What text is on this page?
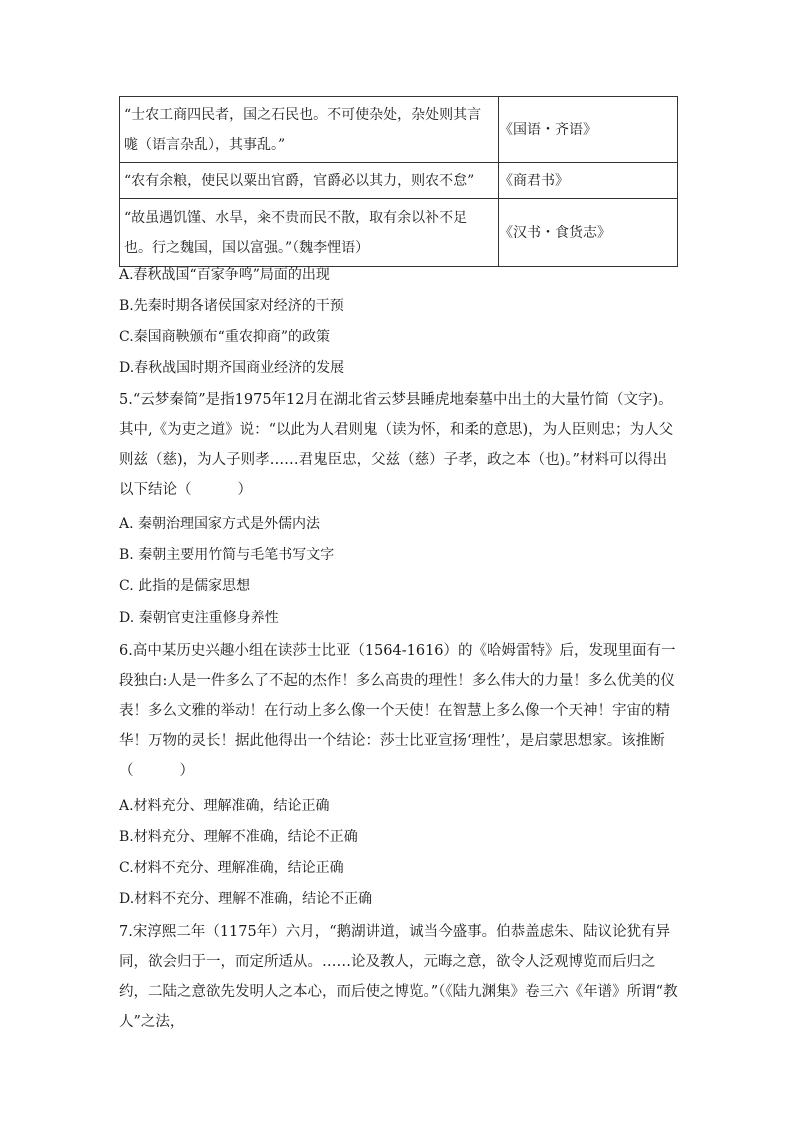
“士农工商四民者，国之石民也。不可使杂处，杂处则其言哤（语言杂乱），其事乱。”	《国语・齐语》
“农有余粮，使民以粟出官爵，官爵必以其力，则农不怠”	《商君书》
“故虽遇饥馑、水旱，籴不贵而民不散，取有余以补不足也。行之魏国，国以富强。”（魏李悝语）	《汉书・食货志》
A.春秋战国“百家争鸣”局面的出现
B.先秦时期各诸侯国家对经济的干预
C.秦国商鞅颁布“重农抑商”的政策
D.春秋战国时期齐国商业经济的发展

5.“云梦秦简”是指1975年12月在湖北省云梦县睡虎地秦墓中出土的大量竹简（文字)。其中,《为吏之道》说：“以此为人君则鬼（读为怀，和柔的意思)，为人臣则忠；为人父则兹（慈)，为人子则孝……君鬼臣忠，父兹（慈）子孝，政之本（也)。”材料可以得出以下结论（	）

A. 秦朝治理国家方式是外儒内法
B. 秦朝主要用竹简与毛笔书写文字
C. 此指的是儒家思想
D. 秦朝官吏注重修身养性

6.高中某历史兴趣小组在读莎士比亚（1564-1616）的《哈姆雷特》后，发现里面有一段独白:人是一件多么了不起的杰作！多么高贵的理性！多么伟大的力量！多么优美的仪表！多么文雅的举动！在行动上多么像一个天使！在智慧上多么像一个天神！宇宙的精华！万物的灵长！据此他得出一个结论：莎士比亚宣扬‘理性’，是启蒙思想家。该推断（	）

A.材料充分、理解准确，结论正确
B.材料充分、理解不准确，结论不正确
C.材料不充分、理解准确，结论正确
D.材料不充分、理解不准确，结论不正确

7.宋淳熙二年（1175年）六月，“鹅湖讲道，诚当今盛事。伯恭盖虑朱、陆议论犹有异同，欲会归于一，而定所适从。……论及教人，元晦之意，欲令人泛观博览而后归之约，二陆之意欲先发明人之本心，而后使之博览。”（《陆九渊集》卷三六《年谱》所谓“教人”之法，
